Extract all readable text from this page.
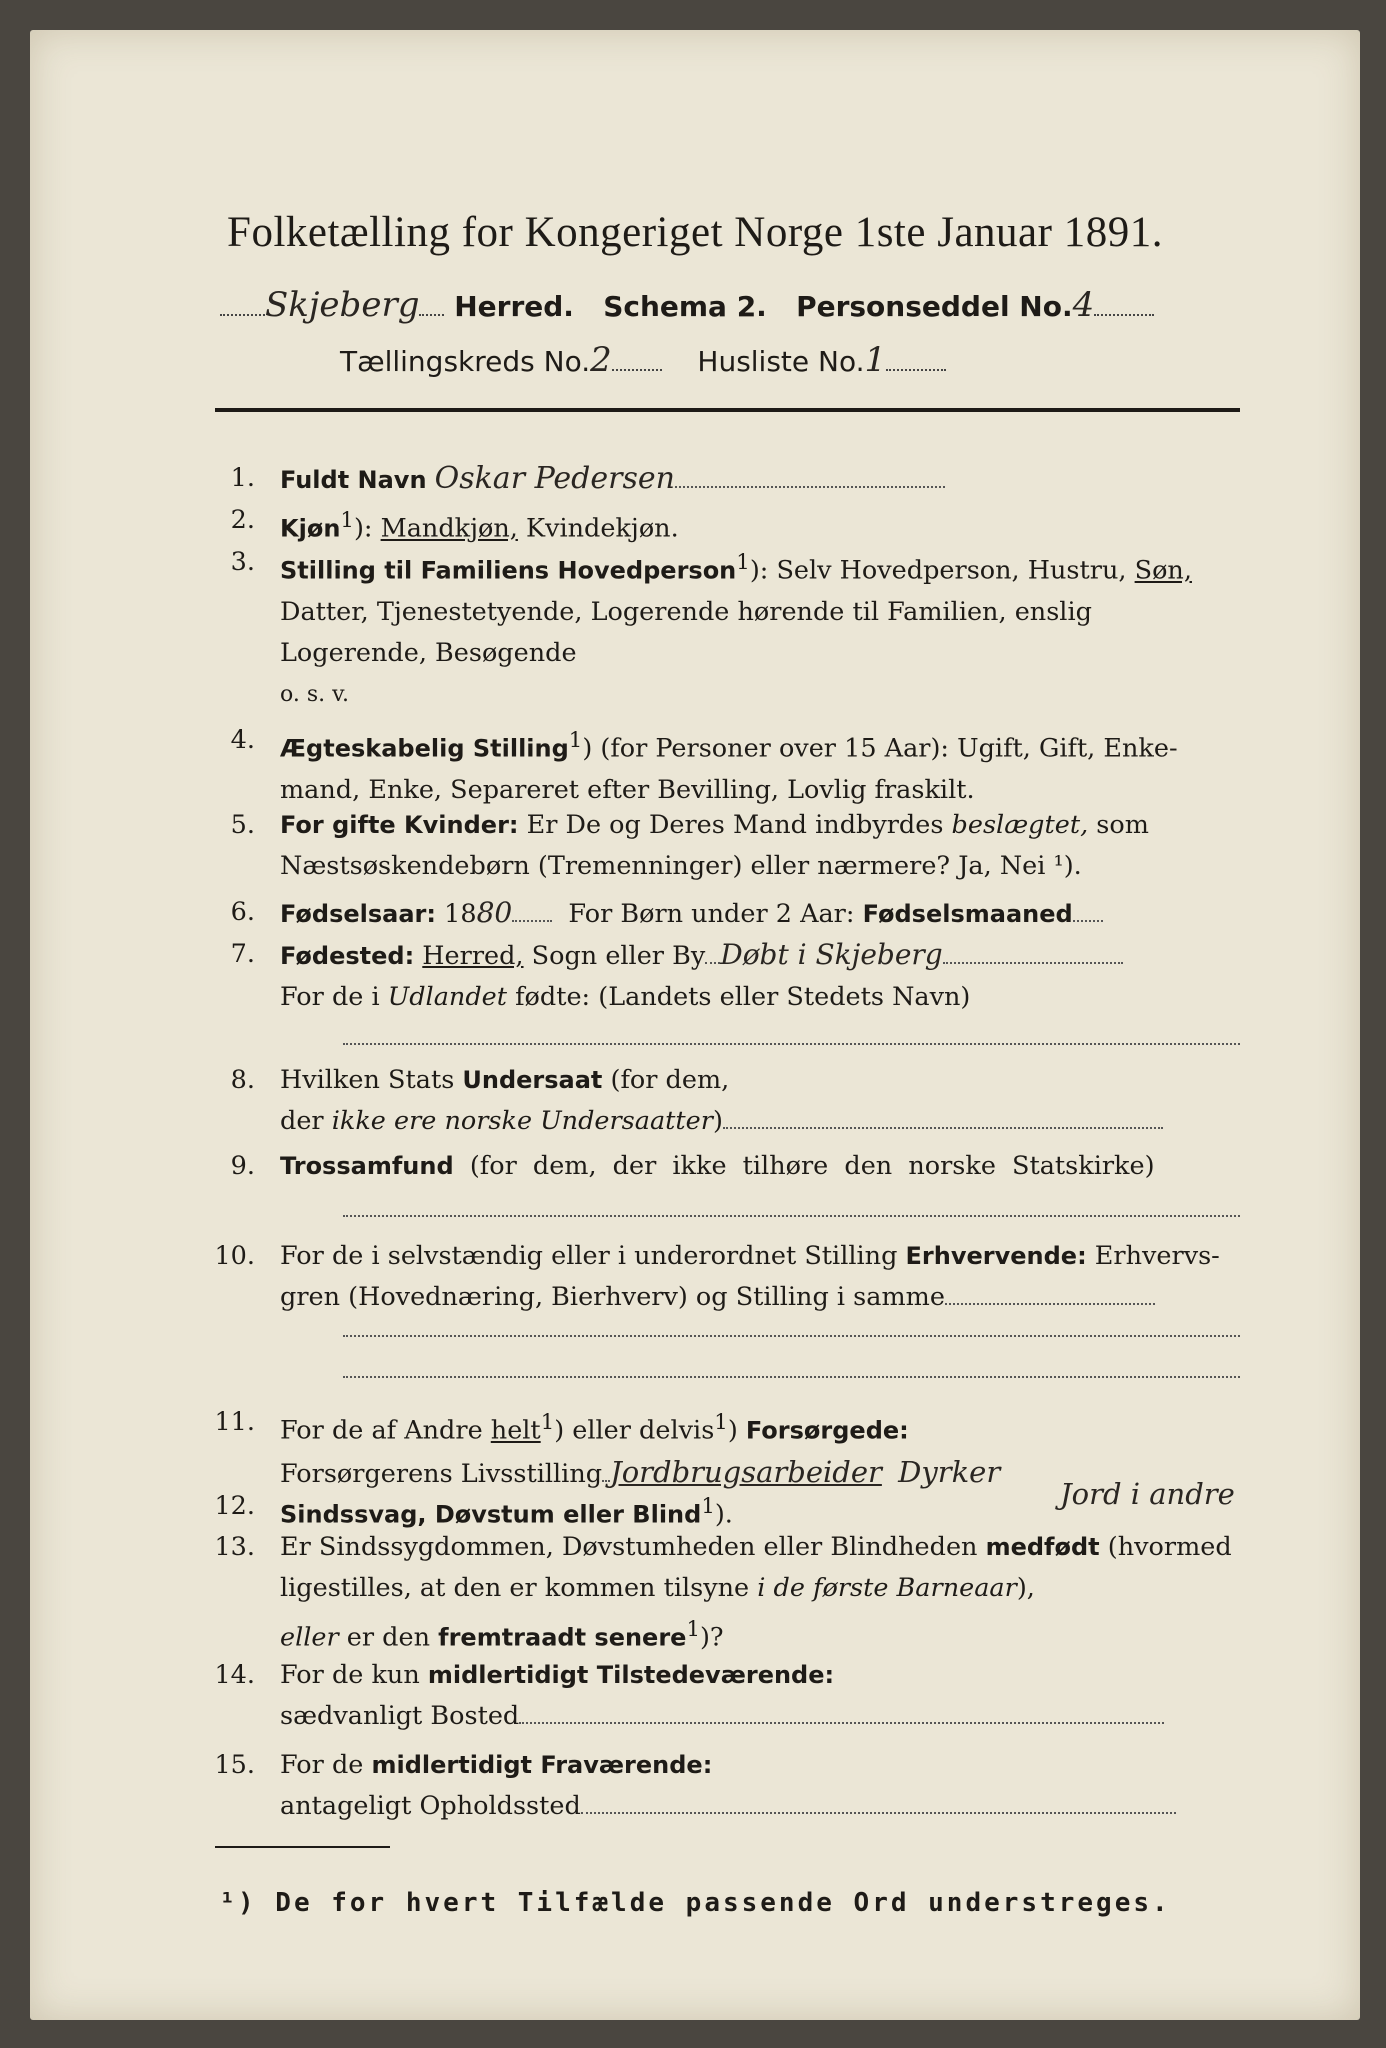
Folketælling for Kongeriget Norge 1ste Januar 1891.
Skjeberg Herred. Schema 2. Personseddel No.4
Tællingskreds No.2	Husliste No.1
1. Fuldt Navn Oskar Pedersen
2. Kjøn$^1$): Mandkjøn, Kvindekjøn.
3. Stilling til Familiens Hovedperson$^1$): Selv Hovedperson, Hustru, Søn,
Datter, Tjenestetyende, Logerende hørende til Familien, enslig
Logerende, Besøgende
o. s. v.
4. Ægteskabelig Stilling$^1$) (for Personer over 15 Aar): Ugift, Gift, Enke-
mand, Enke, Separeret efter Bevilling, Lovlig fraskilt.
5. For gifte Kvinder: Er De og Deres Mand indbyrdes beslægtet, som
Næstsøskendebørn (Tremenninger) eller nærmere? Ja, Nei ¹).
6. Fødselsaar: 1880 For Børn under 2 Aar: Fødselsmaaned
7. Fødested: Herred, Sogn eller By Døbt i Skjeberg
For de i Udlandet fødte: (Landets eller Stedets Navn)
8. Hvilken Stats Undersaat (for dem,
der ikke ere norske Undersaatter)
9. Trossamfund (for dem, der ikke tilhøre den norske Statskirke)
10. For de i selvstændig eller i underordnet Stilling Erhvervende: Erhvervs-
gren (Hovednæring, Bierhverv) og Stilling i samme
11. For de af Andre helt$^1$) eller delvis$^1$) Forsørgede:
Forsørgerens Livsstilling Jordbrugsarbeider Dyrker
12. Sindssvag, Døvstum eller Blind$^1$).
Jord i andre
13. Er Sindssygdommen, Døvstumheden eller Blindheden medfødt (hvormed
ligestilles, at den er kommen tilsyne i de første Barneaar),
eller er den fremtraadt senere$^1$)?
14. For de kun midlertidigt Tilstedeværende:
sædvanligt Bosted
15. For de midlertidigt Fraværende:
antageligt Opholdssted
¹) De for hvert Tilfælde passende Ord understreges.
